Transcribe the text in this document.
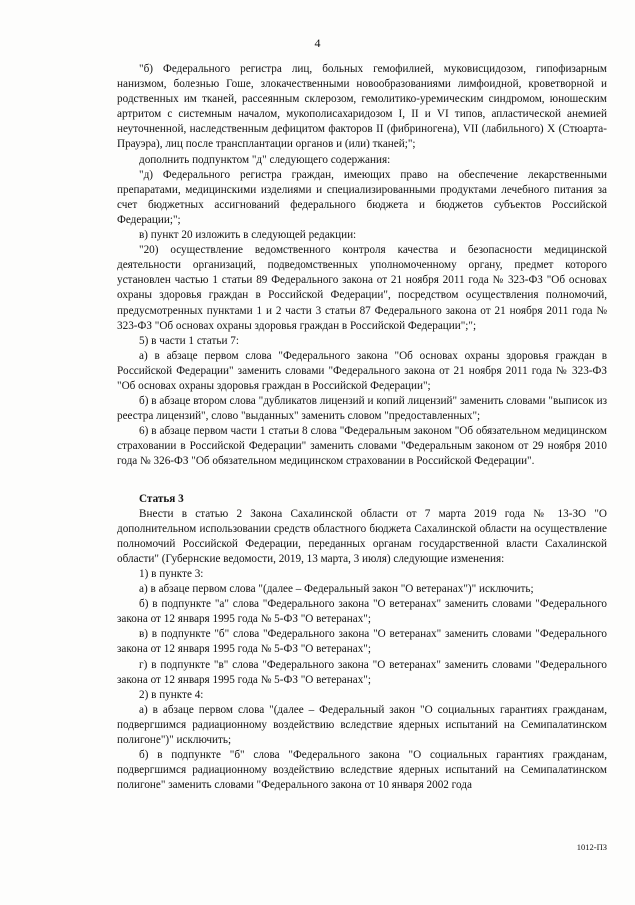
4

"б) Федерального регистра лиц, больных гемофилией, муковисцидозом, гипофизарным нанизмом, болезнью Гоше, злокачественными новообразованиями лимфоидной, кроветворной и родственных им тканей, рассеянным склерозом, гемолитико-уремическим синдромом, юношеским артритом с системным началом, мукополисахаридозом I, II и VI типов, апластической анемией неуточненной, наследственным дефицитом факторов II (фибриногена), VII (лабильного) X (Стюарта-Прауэра), лиц после трансплантации органов и (или) тканей;";

дополнить подпунктом "д" следующего содержания:

"д) Федерального регистра граждан, имеющих право на обеспечение лекарственными препаратами, медицинскими изделиями и специализированными продуктами лечебного питания за счет бюджетных ассигнований федерального бюджета и бюджетов субъектов Российской Федерации;";

в) пункт 20 изложить в следующей редакции:

"20) осуществление ведомственного контроля качества и безопасности медицинской деятельности организаций, подведомственных уполномоченному органу, предмет которого установлен частью 1 статьи 89 Федерального закона от 21 ноября 2011 года № 323-ФЗ "Об основах охраны здоровья граждан в Российской Федерации", посредством осуществления полномочий, предусмотренных пунктами 1 и 2 части 3 статьи 87 Федерального закона от 21 ноября 2011 года № 323-ФЗ "Об основах охраны здоровья граждан в Российской Федерации";";

5) в части 1 статьи 7:

а) в абзаце первом слова "Федерального закона "Об основах охраны здоровья граждан в Российской Федерации" заменить словами "Федерального закона от 21 ноября 2011 года № 323-ФЗ "Об основах охраны здоровья граждан в Российской Федерации";

б) в абзаце втором слова "дубликатов лицензий и копий лицензий" заменить словами "выписок из реестра лицензий", слово "выданных" заменить словом "предоставленных";

6) в абзаце первом части 1 статьи 8 слова "Федеральным законом "Об обязательном медицинском страховании в Российской Федерации" заменить словами "Федеральным законом от 29 ноября 2010 года № 326-ФЗ "Об обязательном медицинском страховании в Российской Федерации".

Статья 3

Внести в статью 2 Закона Сахалинской области от 7 марта 2019 года № 13-ЗО "О дополнительном использовании средств областного бюджета Сахалинской области на осуществление полномочий Российской Федерации, переданных органам государственной власти Сахалинской области" (Губернские ведомости, 2019, 13 марта, 3 июля) следующие изменения:

1) в пункте 3:

а) в абзаце первом слова "(далее – Федеральный закон "О ветеранах")" исключить;

б) в подпункте "а" слова "Федерального закона "О ветеранах" заменить словами "Федерального закона от 12 января 1995 года № 5-ФЗ "О ветеранах";

в) в подпункте "б" слова "Федерального закона "О ветеранах" заменить словами "Федерального закона от 12 января 1995 года № 5-ФЗ "О ветеранах";

г) в подпункте "в" слова "Федерального закона "О ветеранах" заменить словами "Федерального закона от 12 января 1995 года № 5-ФЗ "О ветеранах";

2) в пункте 4:

а) в абзаце первом слова "(далее – Федеральный закон "О социальных гарантиях гражданам, подвергшимся радиационному воздействию вследствие ядерных испытаний на Семипалатинском полигоне")" исключить;

б) в подпункте "б" слова "Федерального закона "О социальных гарантиях гражданам, подвергшимся радиационному воздействию вследствие ядерных испытаний на Семипалатинском полигоне" заменить словами "Федерального закона от 10 января 2002 года

1012-ПЗ
